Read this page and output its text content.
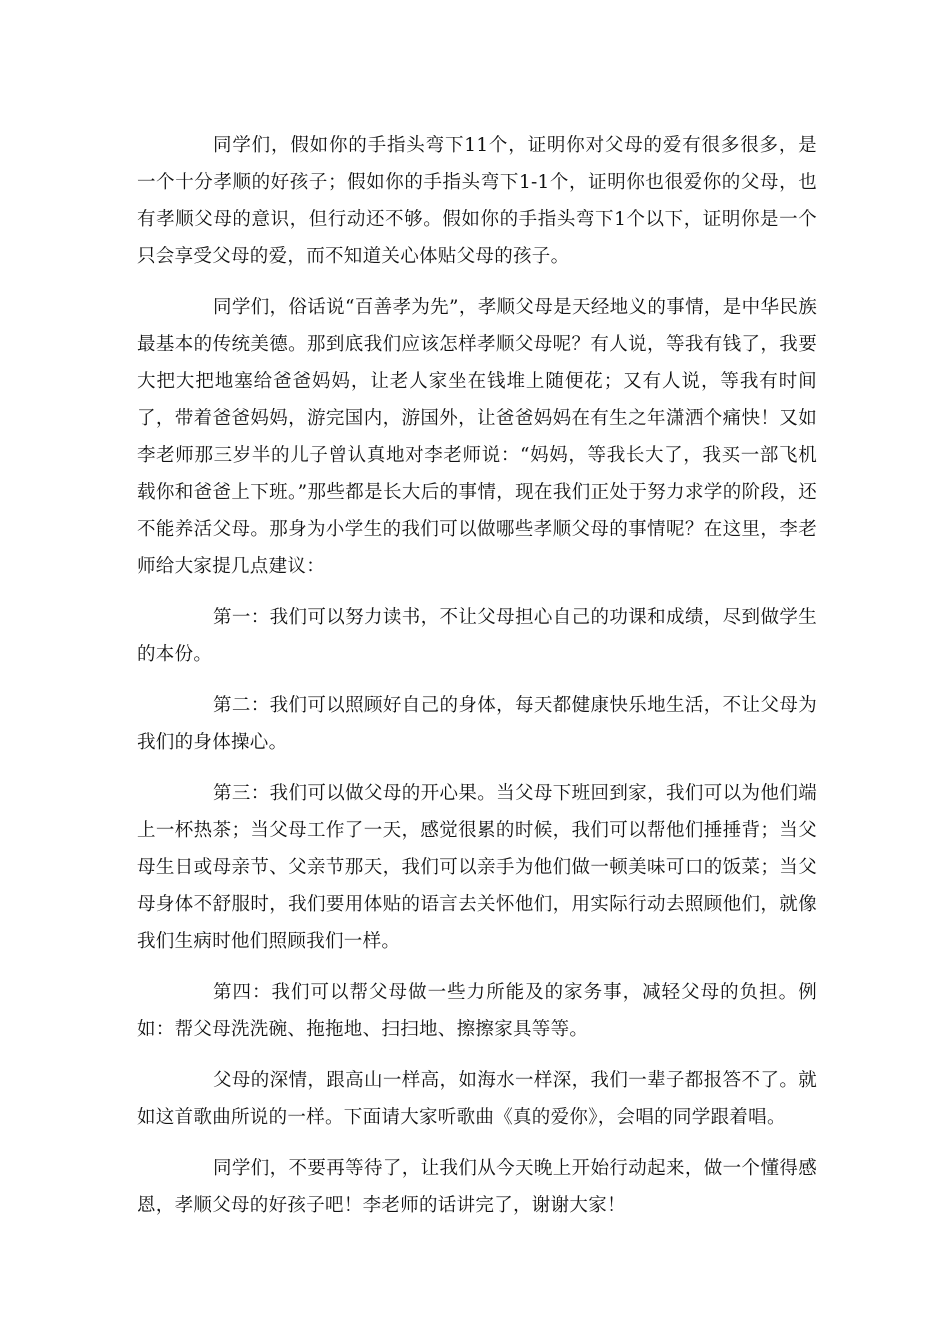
同学们，假如你的手指头弯下11个，证明你对父母的爱有很多很多，是一个十分孝顺的好孩子；假如你的手指头弯下1-1个，证明你也很爱你的父母，也有孝顺父母的意识，但行动还不够。假如你的手指头弯下1个以下，证明你是一个只会享受父母的爱，而不知道关心体贴父母的孩子。

同学们，俗话说“百善孝为先”，孝顺父母是天经地义的事情，是中华民族最基本的传统美德。那到底我们应该怎样孝顺父母呢？有人说，等我有钱了，我要大把大把地塞给爸爸妈妈，让老人家坐在钱堆上随便花；又有人说，等我有时间了，带着爸爸妈妈，游完国内，游国外，让爸爸妈妈在有生之年潇洒个痛快！又如李老师那三岁半的儿子曾认真地对李老师说：“妈妈，等我长大了，我买一部飞机载你和爸爸上下班。”那些都是长大后的事情，现在我们正处于努力求学的阶段，还不能养活父母。那身为小学生的我们可以做哪些孝顺父母的事情呢？在这里，李老师给大家提几点建议：

第一：我们可以努力读书，不让父母担心自己的功课和成绩，尽到做学生的本份。

第二：我们可以照顾好自己的身体，每天都健康快乐地生活，不让父母为我们的身体操心。

第三：我们可以做父母的开心果。当父母下班回到家，我们可以为他们端上一杯热茶；当父母工作了一天，感觉很累的时候，我们可以帮他们捶捶背；当父母生日或母亲节、父亲节那天，我们可以亲手为他们做一顿美味可口的饭菜；当父母身体不舒服时，我们要用体贴的语言去关怀他们，用实际行动去照顾他们，就像我们生病时他们照顾我们一样。

第四：我们可以帮父母做一些力所能及的家务事，减轻父母的负担。例如：帮父母洗洗碗、拖拖地、扫扫地、擦擦家具等等。

父母的深情，跟高山一样高，如海水一样深，我们一辈子都报答不了。就如这首歌曲所说的一样。下面请大家听歌曲《真的爱你》，会唱的同学跟着唱。

同学们，不要再等待了，让我们从今天晚上开始行动起来，做一个懂得感恩，孝顺父母的好孩子吧！李老师的话讲完了，谢谢大家！
